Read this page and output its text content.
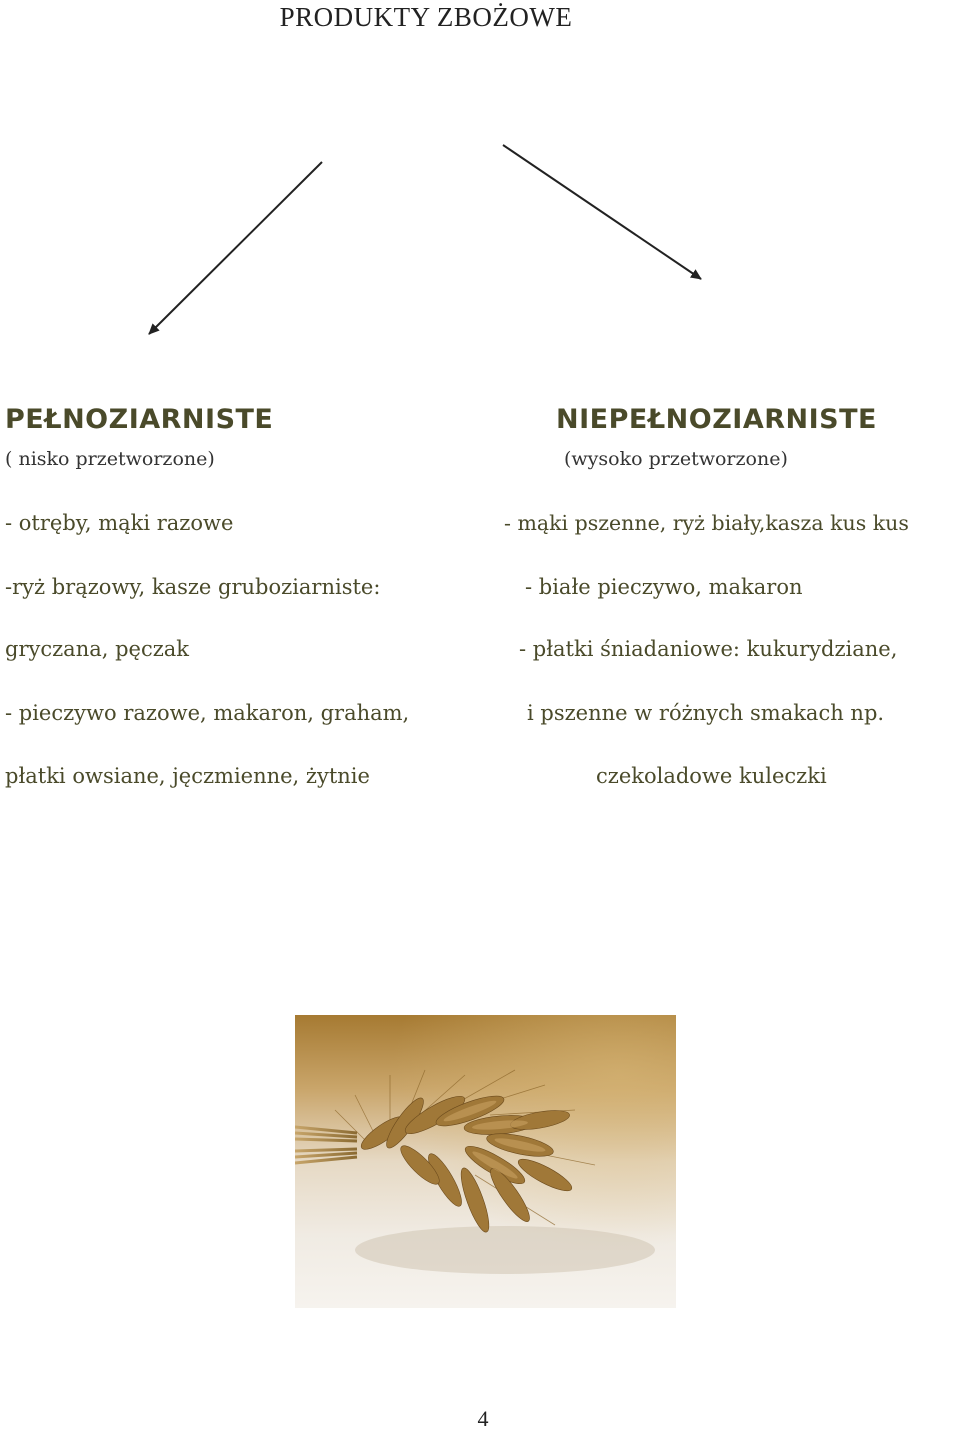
PRODUKTY ZBOŻOWE
PEŁNOZIARNISTE
( nisko przetworzone)
- otręby, mąki razowe
-ryż brązowy, kasze gruboziarniste:
gryczana, pęczak
- pieczywo razowe, makaron, graham,
płatki owsiane, jęczmienne, żytnie
NIEPEŁNOZIARNISTE
(wysoko przetworzone)
- mąki pszenne, ryż biały,kasza kus kus
- białe pieczywo, makaron
- płatki śniadaniowe: kukurydziane,
i pszenne w różnych smakach np.
czekoladowe kuleczki
4
